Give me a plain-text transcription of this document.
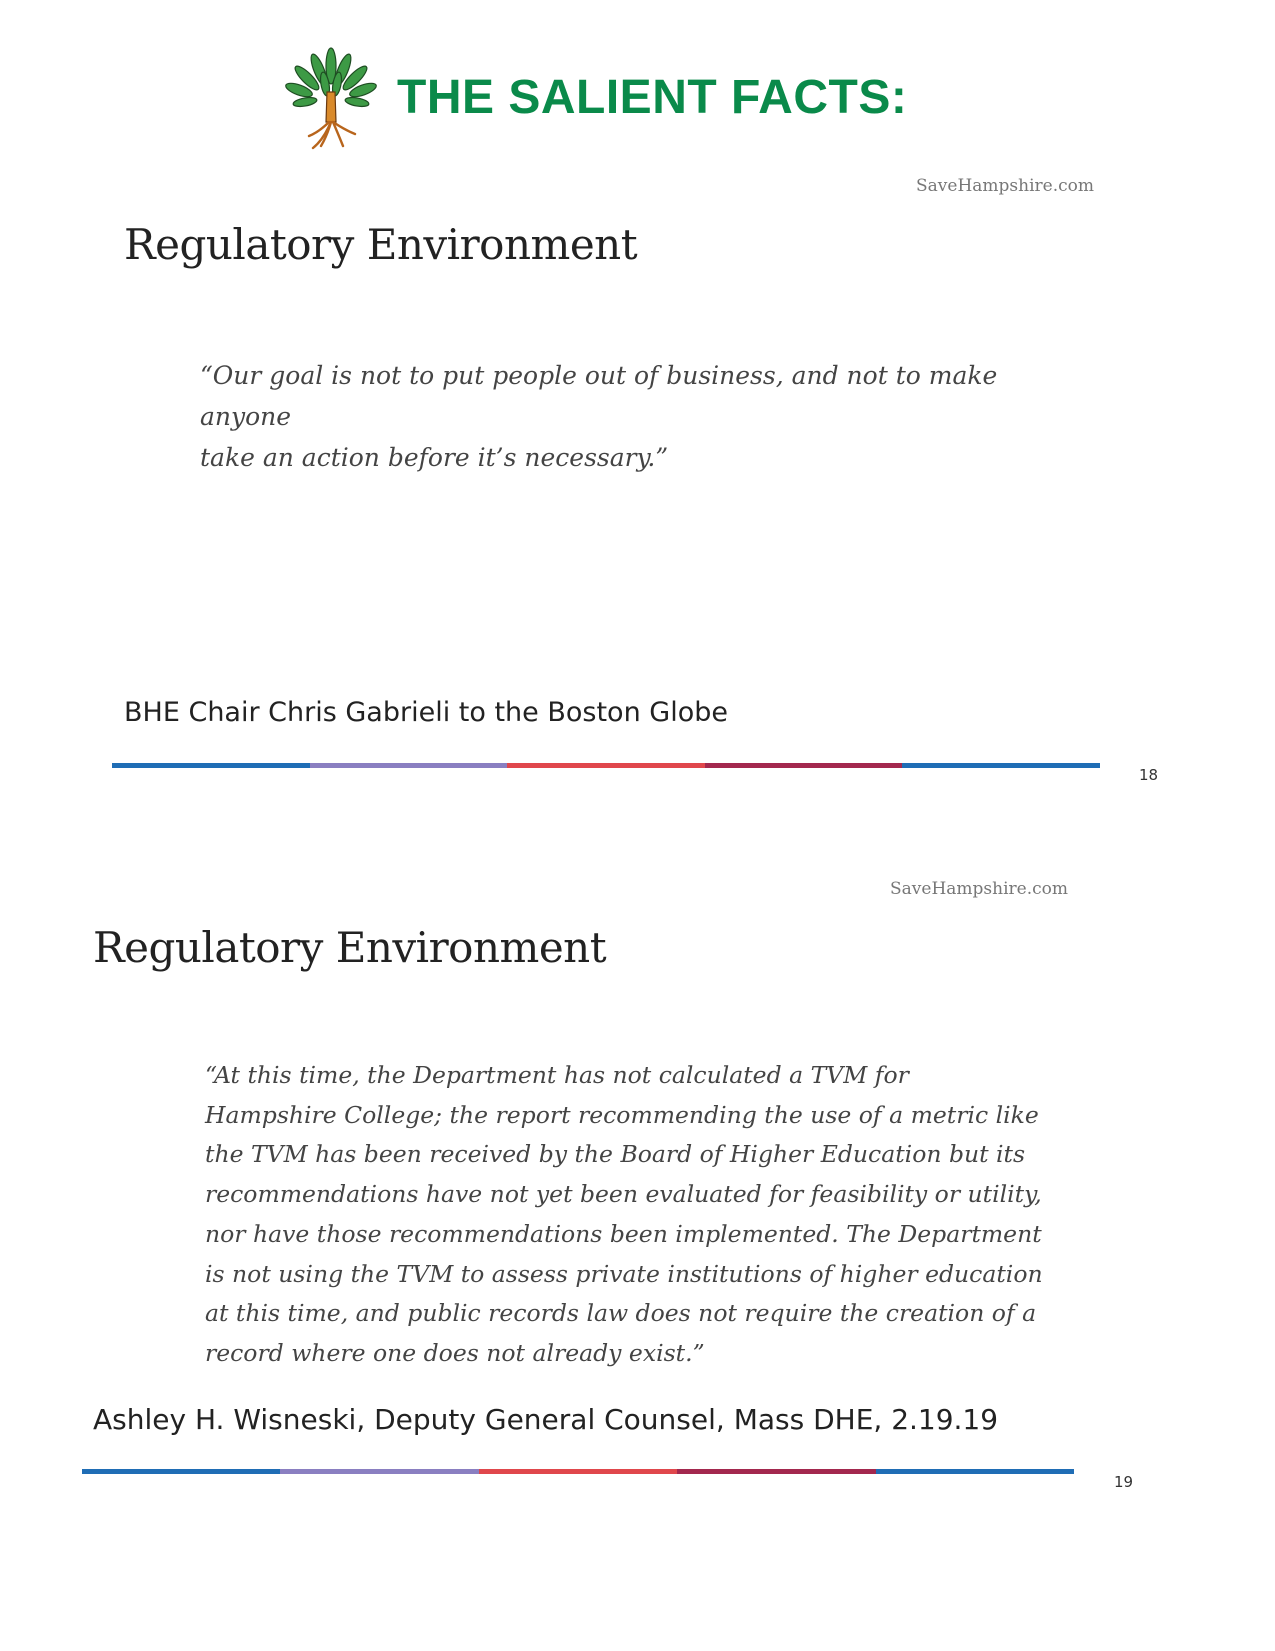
THE SALIENT FACTS:
SaveHampshire.com
Regulatory Environment
“Our goal is not to put people out of business, and not to make anyone
take an action before it’s necessary.”
BHE Chair Chris Gabrieli to the Boston Globe
18
SaveHampshire.com
Regulatory Environment
“At this time, the Department has not calculated a TVM for
Hampshire College; the report recommending the use of a metric like
the TVM has been received by the Board of Higher Education but its
recommendations have not yet been evaluated for feasibility or utility,
nor have those recommendations been implemented. The Department
is not using the TVM to assess private institutions of higher education
at this time, and public records law does not require the creation of a
record where one does not already exist.”
Ashley H. Wisneski, Deputy General Counsel, Mass DHE, 2.19.19
19
